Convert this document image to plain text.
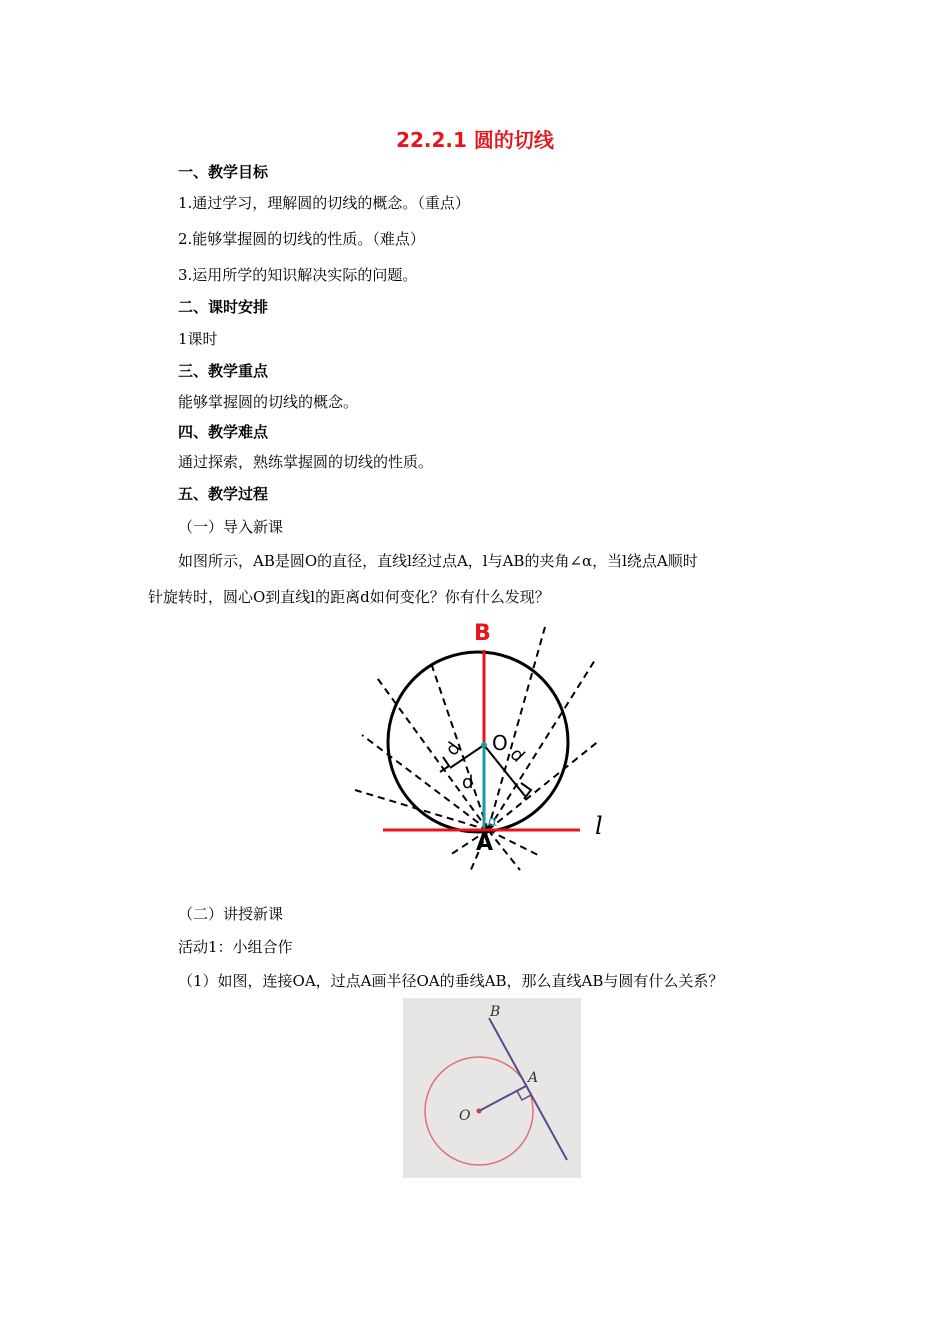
22.2.1 圆的切线
一、教学目标
1.通过学习，理解圆的切线的概念。（重点）
2.能够掌握圆的切线的性质。（难点）
3.运用所学的知识解决实际的问题。
二、课时安排
1课时
三、教学重点
能够掌握圆的切线的概念。
四、教学难点
通过探索，熟练掌握圆的切线的性质。
五、教学过程
（一）导入新课
如图所示，AB是圆O的直径，直线l经过点A，l与AB的夹角∠α，当l绕点A顺时
针旋转时，圆心O到直线l的距离d如何变化？你有什么发现？
B
O
A
l
d
d d
α
（二）讲授新课
活动1：小组合作
（1）如图，连接OA，过点A画半径OA的垂线AB，那么直线AB与圆有什么关系？
B
A
O
